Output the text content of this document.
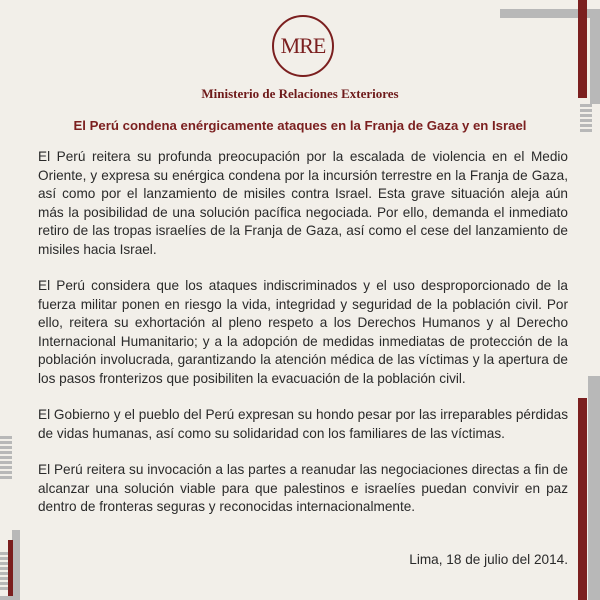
MRE
Ministerio de Relaciones Exteriores
El Perú condena enérgicamente ataques en la Franja de Gaza y en Israel

El Perú reitera su profunda preocupación por la escalada de violencia en el Medio Oriente, y expresa su enérgica condena por la incursión terrestre en la Franja de Gaza, así como por el lanzamiento de misiles contra Israel. Esta grave situación aleja aún más la posibilidad de una solución pacífica negociada. Por ello, demanda el inmediato retiro de las tropas israelíes de la Franja de Gaza, así como el cese del lanzamiento de misiles hacia Israel.

El Perú considera que los ataques indiscriminados y el uso desproporcionado de la fuerza militar ponen en riesgo la vida, integridad y seguridad de la población civil. Por ello, reitera su exhortación al pleno respeto a los Derechos Humanos y al Derecho Internacional Humanitario; y a la adopción de medidas inmediatas de protección de la población involucrada, garantizando la atención médica de las víctimas y la apertura de los pasos fronterizos que posibiliten la evacuación de la población civil.

El Gobierno y el pueblo del Perú expresan su hondo pesar por las irreparables pérdidas de vidas humanas, así como su solidaridad con los familiares de las víctimas.

El Perú reitera su invocación a las partes a reanudar las negociaciones directas a fin de alcanzar una solución viable para que palestinos e israelíes puedan convivir en paz dentro de fronteras seguras y reconocidas internacionalmente.

Lima, 18 de julio del 2014.
